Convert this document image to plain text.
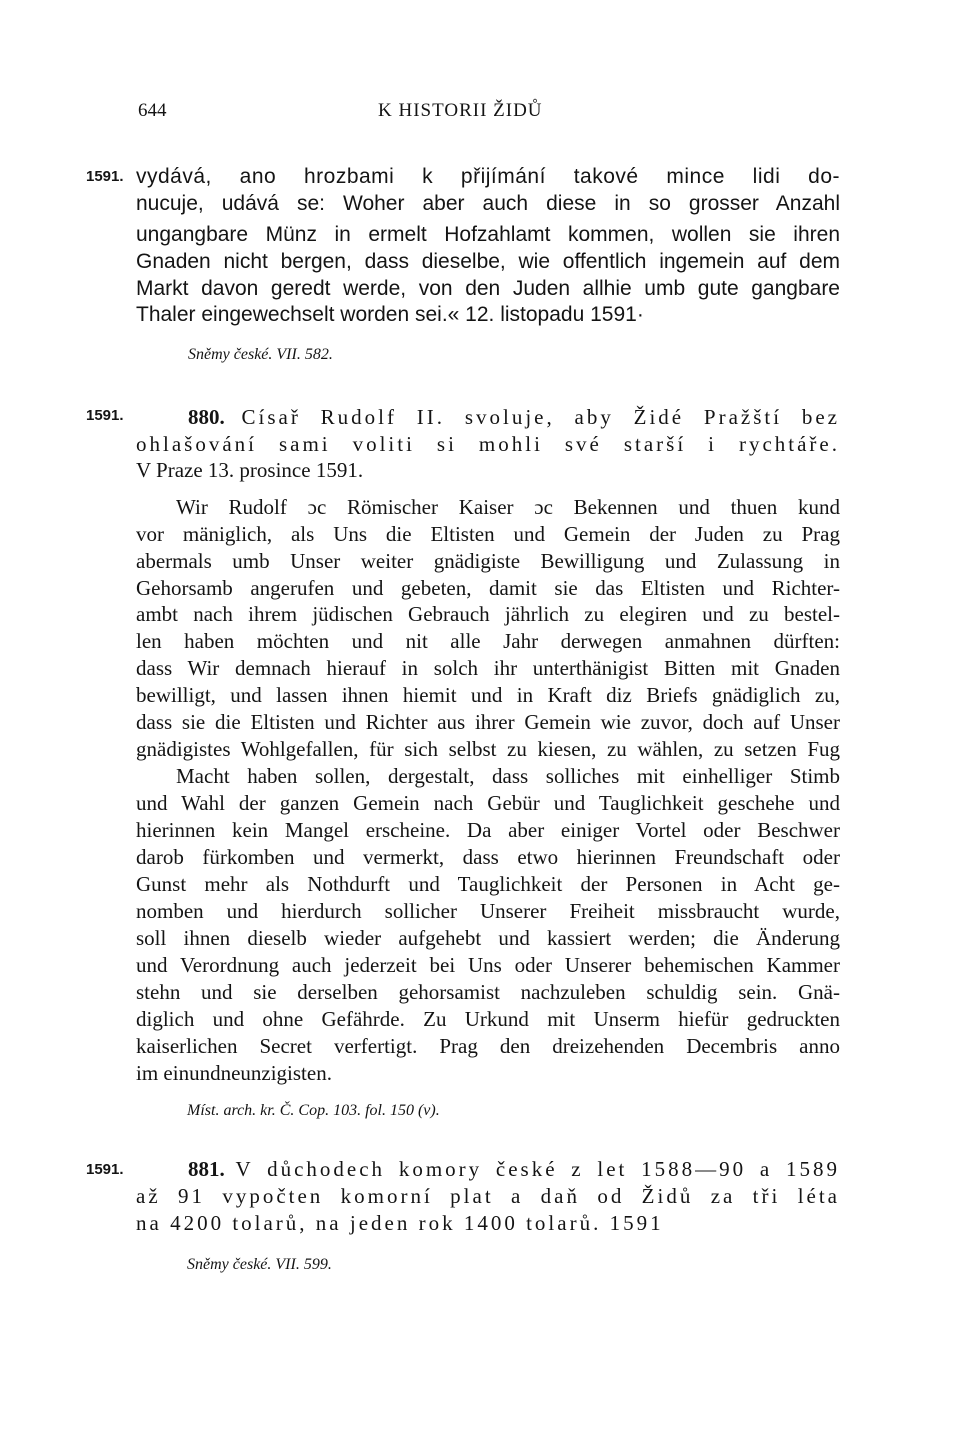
644	K HISTORII ŽIDŮ
1591. vydává, ano hrozbami k přijímání takové mince lidi do-
nucuje, udává se: Woher aber auch diese in so grosser Anzahl
ungangbare Münz in ermelt Hofzahlamt kommen, wollen sie ihren
Gnaden nicht bergen, dass dieselbe, wie offentlich ingemein auf dem
Markt davon geredt werde, von den Juden allhie umb gute gangbare
Thaler eingewechselt worden sei.« 12. listopadu 1591·
Sněmy české. VII. 582.
1591.	880. Císař Rudolf II. svoluje, aby Židé Pražští bez
ohlašování sami voliti si mohli své starší i rychtáře.
V Praze 13. prosince 1591.
Wir Rudolf ɔc Römischer Kaiser ɔc Bekennen und thuen kund
vor mäniglich, als Uns die Eltisten und Gemein der Juden zu Prag
abermals umb Unser weiter gnädigiste Bewilligung und Zulassung in
Gehorsamb angerufen und gebeten, damit sie das Eltisten und Richter-
ambt nach ihrem jüdischen Gebrauch jährlich zu elegiren und zu bestel-
len haben möchten und nit alle Jahr derwegen anmahnen dürften:
dass Wir demnach hierauf in solch ihr unterthänigist Bitten mit Gnaden
bewilligt, und lassen ihnen hiemit und in Kraft diz Briefs gnädiglich zu,
dass sie die Eltisten und Richter aus ihrer Gemein wie zuvor, doch auf Unser
gnädigistes Wohlgefallen, für sich selbst zu kiesen, zu wählen, zu setzen Fug
Macht haben sollen, dergestalt, dass solliches mit einhelliger Stimb
und Wahl der ganzen Gemein nach Gebür und Tauglichkeit geschehe und
hierinnen kein Mangel erscheine. Da aber einiger Vortel oder Beschwer
darob fürkomben und vermerkt, dass etwo hierinnen Freundschaft oder
Gunst mehr als Nothdurft und Tauglichkeit der Personen in Acht ge-
nomben und hierdurch sollicher Unserer Freiheit missbraucht wurde,
soll ihnen dieselb wieder aufgehebt und kassiert werden; die Änderung
und Verordnung auch jederzeit bei Uns oder Unserer behemischen Kammer
stehn und sie derselben gehorsamist nachzuleben schuldig sein. Gnä-
diglich und ohne Gefährde. Zu Urkund mit Unserm hiefür gedruckten
kaiserlichen Secret verfertigt. Prag den dreizehenden Decembris anno
im einundneunzigisten.
Míst. arch. kr. Č. Cop. 103. fol. 150 (v).
1591.	881. V důchodech komory české z let 1588—90 a 1589
až 91 vypočten komorní plat a daň od Židů za tři léta
na 4200 tolarů, na jeden rok 1400 tolarů. 1591
Sněmy české. VII. 599.
